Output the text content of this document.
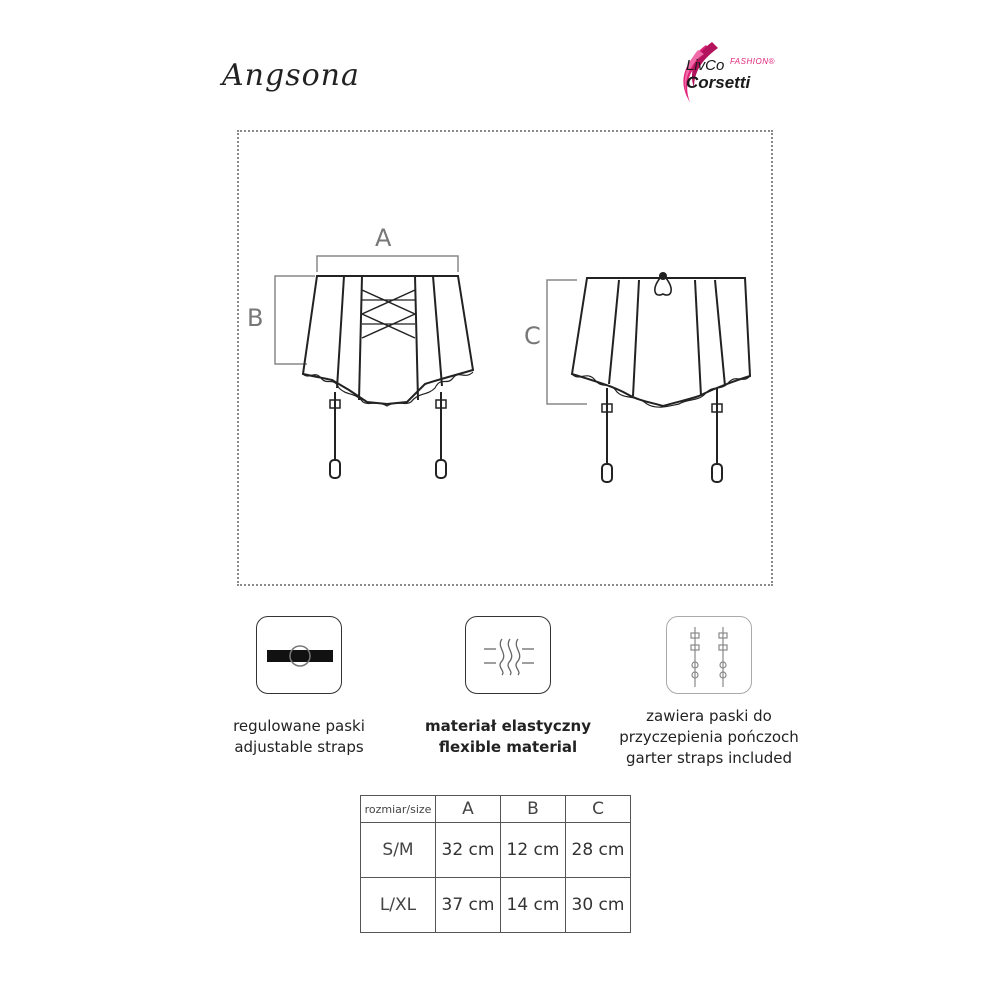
Angsona	LivCo FASHION®
Corsetti
A
B
C
regulowane paski
adjustable straps
materiał elastyczny
flexible material
zawiera paski do
przyczepienia pończoch
garter straps included
rozmiar/size	A	B	C
S/M	32 cm	12 cm	28 cm
L/XL	37 cm	14 cm	30 cm
